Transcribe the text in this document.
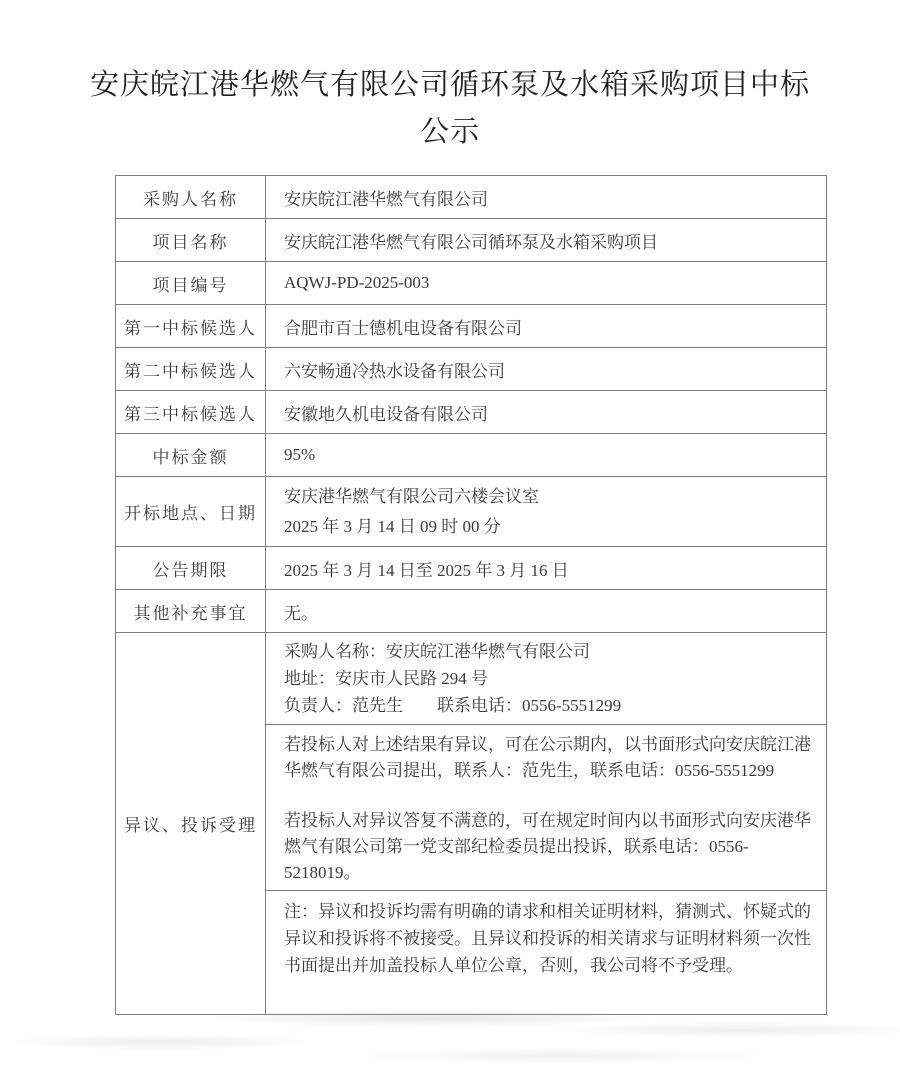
安庆皖江港华燃气有限公司循环泵及水箱采购项目中标公示
采购人名称	安庆皖江港华燃气有限公司
项目名称	安庆皖江港华燃气有限公司循环泵及水箱采购项目
项目编号	AQWJ-PD-2025-003
第一中标候选人	合肥市百士德机电设备有限公司
第二中标候选人	六安畅通冷热水设备有限公司
第三中标候选人	安徽地久机电设备有限公司
中标金额	95%
开标地点、日期	安庆港华燃气有限公司六楼会议室
2025 年 3 月 14 日 09 时 00 分

公告期限	2025 年 3 月 14 日至 2025 年 3 月 16 日
其他补充事宜	无。
异议、投诉受理	采购人名称：安庆皖江港华燃气有限公司
地址：安庆市人民路 294 号
负责人：范先生　　联系电话：0556-5551299

	若投标人对上述结果有异议，可在公示期内，以书面形式向安庆皖江港华燃气有限公司提出，联系人：范先生，联系电话：0556-5551299
若投标人对异议答复不满意的，可在规定时间内以书面形式向安庆港华燃气有限公司第一党支部纪检委员提出投诉，联系电话：0556-5218019。

	注：异议和投诉均需有明确的请求和相关证明材料，猜测式、怀疑式的异议和投诉将不被接受。且异议和投诉的相关请求与证明材料须一次性书面提出并加盖投标人单位公章，否则，我公司将不予受理。
